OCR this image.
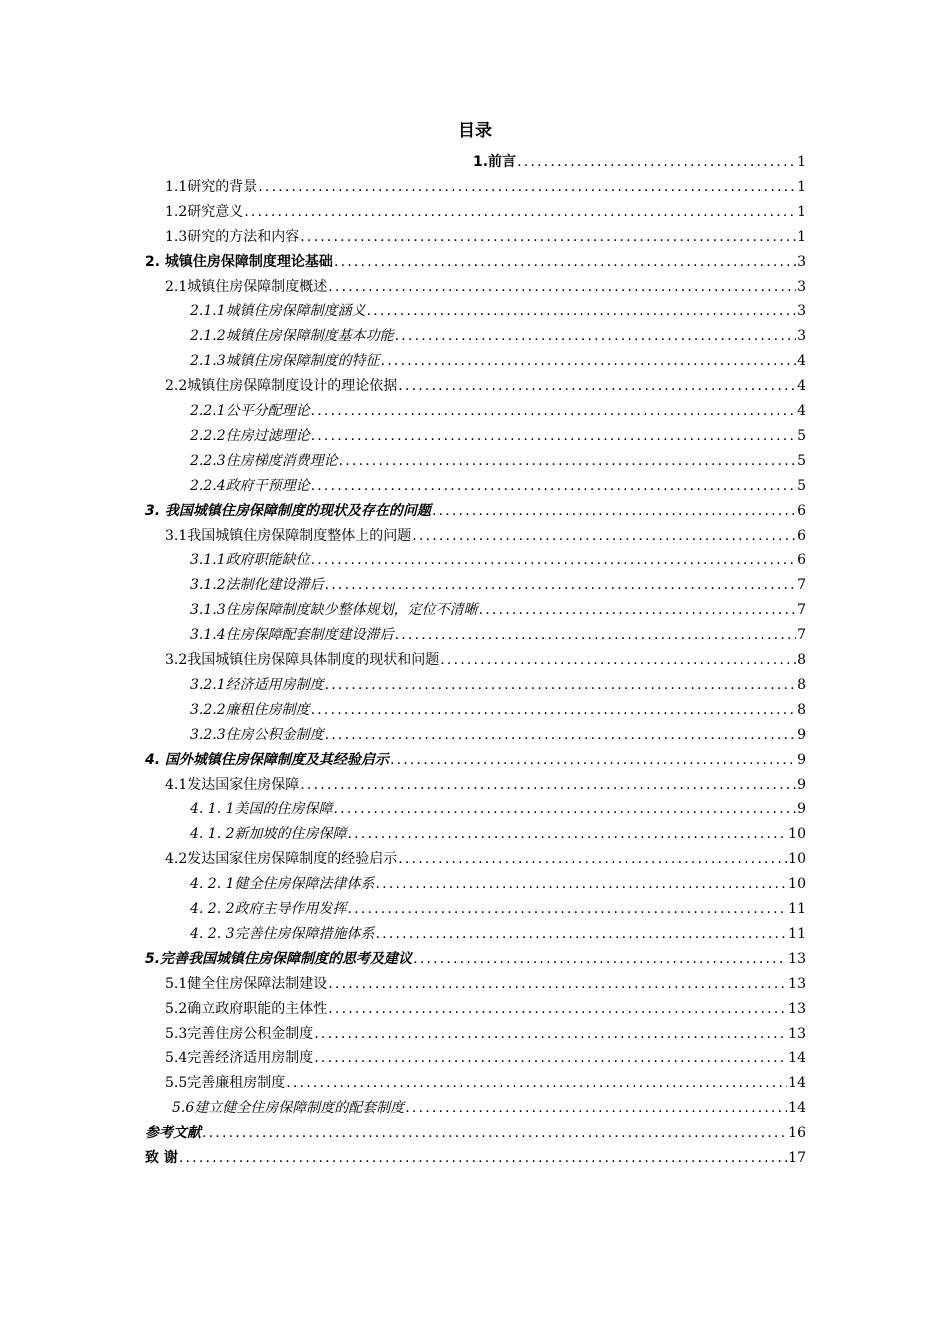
目录
1.前言 .....	1
1.1研究的背景 .....	1
1.2研究意义 .....	1
1.3研究的方法和内容 .....	1
2. 城镇住房保障制度理论基础 .....	3
2.1城镇住房保障制度概述 .....	3
2.1.1城镇住房保障制度涵义 .....	3
2.1.2城镇住房保障制度基本功能 .....	3
2.1.3城镇住房保障制度的特征 .....	4
2.2城镇住房保障制度设计的理论依据 .....	4
2.2.1公平分配理论 .....	4
2.2.2住房过滤理论 .....	5
2.2.3住房梯度消费理论 .....	5
2.2.4政府干预理论 .....	5
3. 我国城镇住房保障制度的现状及存在的问题 .....	6
3.1我国城镇住房保障制度整体上的问题 .....	6
3.1.1政府职能缺位 .....	6
3.1.2法制化建设滞后 .....	7
3.1.3住房保障制度缺少整体规划，定位不清晰 .....	7
3.1.4住房保障配套制度建设滞后 .....	7
3.2我国城镇住房保障具体制度的现状和问题 .....	8
3.2.1经济适用房制度 .....	8
3.2.2廉租住房制度 .....	8
3.2.3住房公积金制度 .....	9
4. 国外城镇住房保障制度及其经验启示 .....	9
4.1发达国家住房保障 .....	9
4. 1. 1美国的住房保障 .....	9
4. 1. 2新加坡的住房保障 .....	10
4.2发达国家住房保障制度的经验启示 .....	10
4. 2. 1健全住房保障法律体系 .....	10
4. 2. 2政府主导作用发挥 .....	11
4. 2. 3完善住房保障措施体系 .....	11
5.完善我国城镇住房保障制度的思考及建议 .....	13
5.1健全住房保障法制建设 .....	13
5.2确立政府职能的主体性 .....	13
5.3完善住房公积金制度 .....	13
5.4完善经济适用房制度 .....	14
5.5完善廉租房制度 .....	14
5.6建立健全住房保障制度的配套制度 .....	14
参考文献 .....	16
致 谢 .....	17
